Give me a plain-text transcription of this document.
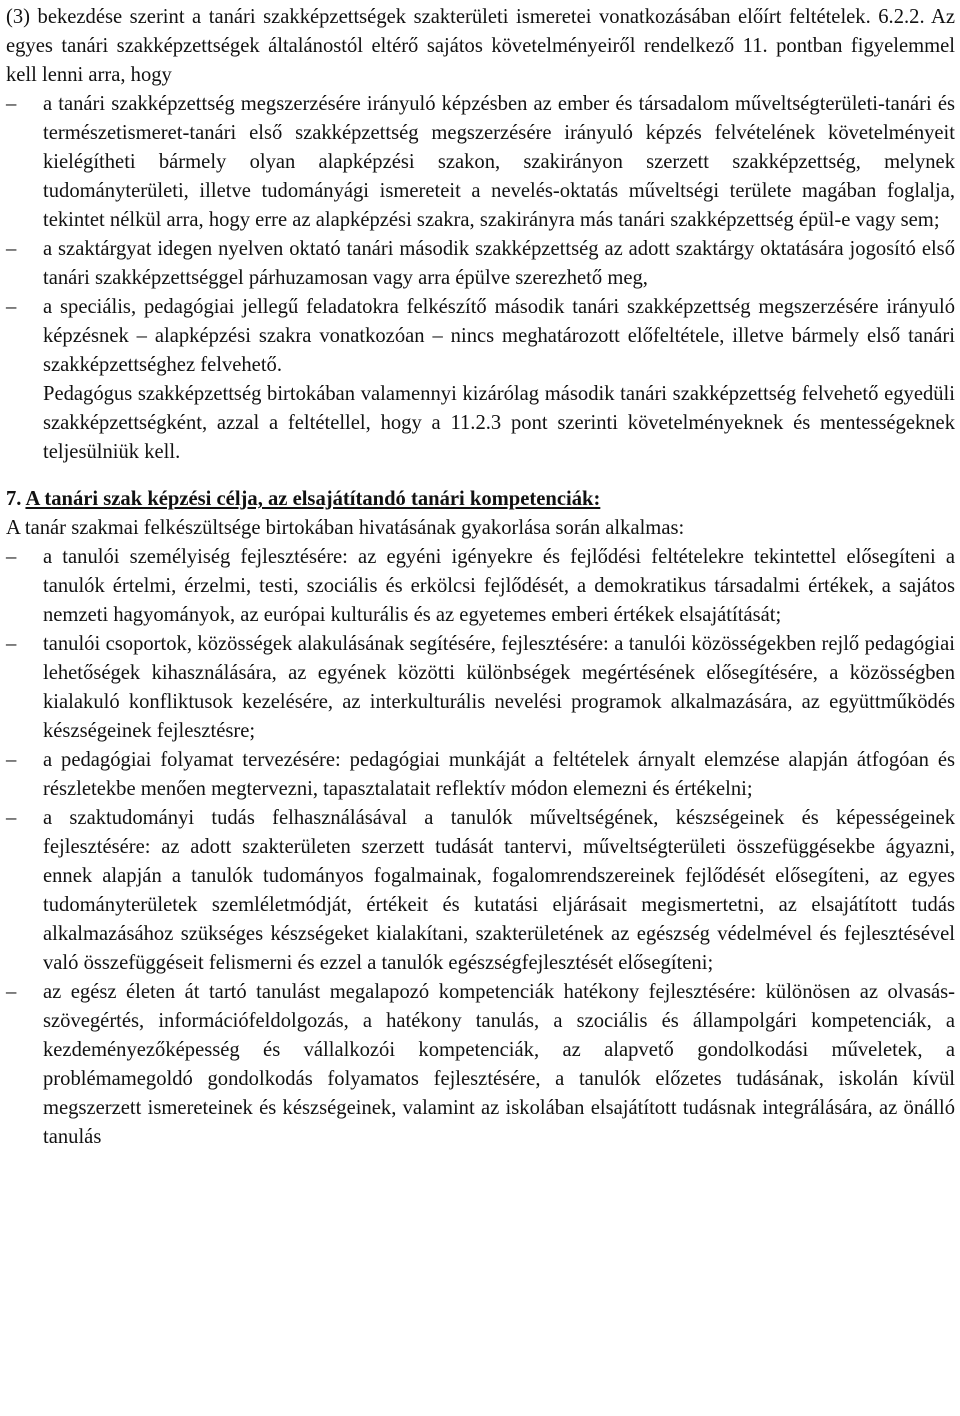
(3) bekezdése szerint a tanári szakképzettségek szakterületi ismeretei vonatkozásában előírt feltételek. 6.2.2. Az egyes tanári szakképzettségek általánostól eltérő sajátos követelményeiről rendelkező 11. pontban figyelemmel kell lenni arra, hogy

– a tanári szakképzettség megszerzésére irányuló képzésben az ember és társadalom műveltségterületi-tanári és természetismeret-tanári első szakképzettség megszerzésére irányuló képzés felvételének követelményeit kielégítheti bármely olyan alapképzési szakon, szakirányon szerzett szakképzettség, melynek tudományterületi, illetve tudományági ismereteit a nevelés-oktatás műveltségi területe magában foglalja, tekintet nélkül arra, hogy erre az alapképzési szakra, szakirányra más tanári szakképzettség épül-e vagy sem;
– a szaktárgyat idegen nyelven oktató tanári második szakképzettség az adott szaktárgy oktatására jogosító első tanári szakképzettséggel párhuzamosan vagy arra épülve szerezhető meg,
– a speciális, pedagógiai jellegű feladatokra felkészítő második tanári szakképzettség megszerzésére irányuló képzésnek – alapképzési szakra vonatkozóan – nincs meghatározott előfeltétele, illetve bármely első tanári szakképzettséghez felvehető.

Pedagógus szakképzettség birtokában valamennyi kizárólag második tanári szakképzettség felvehető egyedüli szakképzettségként, azzal a feltétellel, hogy a 11.2.3 pont szerinti követelményeknek és mentességeknek teljesülniük kell.

7. A tanári szak képzési célja, az elsajátítandó tanári kompetenciák:

A tanár szakmai felkészültsége birtokában hivatásának gyakorlása során alkalmas:

– a tanulói személyiség fejlesztésére: az egyéni igényekre és fejlődési feltételekre tekintettel elősegíteni a tanulók értelmi, érzelmi, testi, szociális és erkölcsi fejlődését, a demokratikus társadalmi értékek, a sajátos nemzeti hagyományok, az európai kulturális és az egyetemes emberi értékek elsajátítását;
– tanulói csoportok, közösségek alakulásának segítésére, fejlesztésére: a tanulói közösségekben rejlő pedagógiai lehetőségek kihasználására, az egyének közötti különbségek megértésének elősegítésére, a közösségben kialakuló konfliktusok kezelésére, az interkulturális nevelési programok alkalmazására, az együttműködés készségeinek fejlesztésre;
– a pedagógiai folyamat tervezésére: pedagógiai munkáját a feltételek árnyalt elemzése alapján átfogóan és részletekbe menően megtervezni, tapasztalatait reflektív módon elemezni és értékelni;
– a szaktudományi tudás felhasználásával a tanulók műveltségének, készségeinek és képességeinek fejlesztésére: az adott szakterületen szerzett tudását tantervi, műveltségterületi összefüggésekbe ágyazni, ennek alapján a tanulók tudományos fogalmainak, fogalomrendszereinek fejlődését elősegíteni, az egyes tudományterületek szemléletmódját, értékeit és kutatási eljárásait megismertetni, az elsajátított tudás alkalmazásához szükséges készségeket kialakítani, szakterületének az egészség védelmével és fejlesztésével való összefüggéseit felismerni és ezzel a tanulók egészségfejlesztését elősegíteni;
– az egész életen át tartó tanulást megalapozó kompetenciák hatékony fejlesztésére: különösen az olvasás-szövegértés, információfeldolgozás, a hatékony tanulás, a szociális és állampolgári kompetenciák, a kezdeményezőképesség és vállalkozói kompetenciák, az alapvető gondolkodási műveletek, a problémamegoldó gondolkodás folyamatos fejlesztésére, a tanulók előzetes tudásának, iskolán kívül megszerzett ismereteinek és készségeinek, valamint az iskolában elsajátított tudásnak integrálására, az önálló tanulás
